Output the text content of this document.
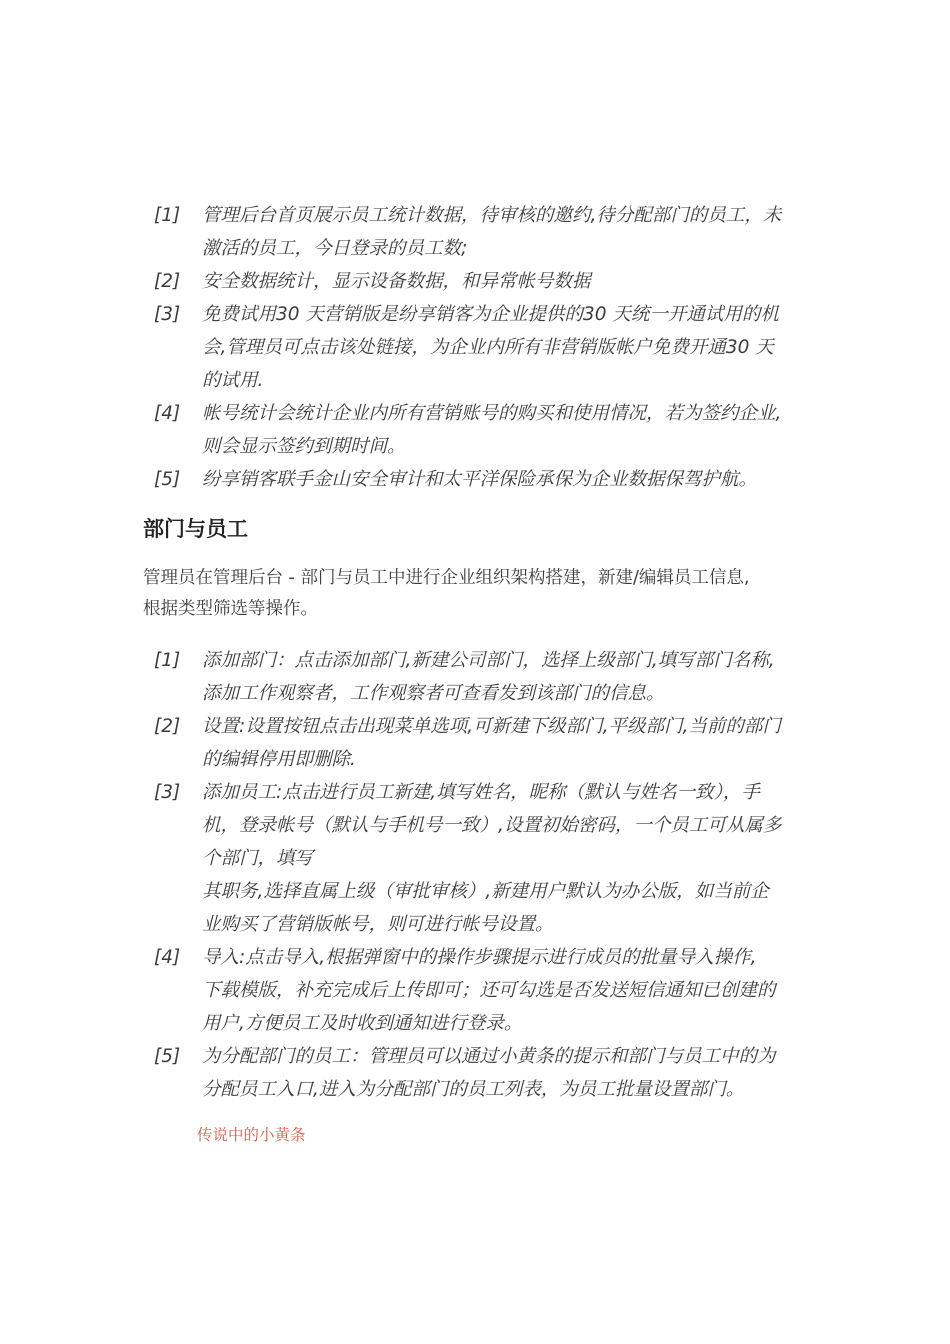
[1] 管理后台首页展示员工统计数据，待审核的邀约,待分配部门的员工，未
激活的员工，今日登录的员工数;
[2] 安全数据统计，显示设备数据，和异常帐号数据
[3] 免费试用30 天营销版是纷享销客为企业提供的30 天统一开通试用的机
会,管理员可点击该处链接，为企业内所有非营销版帐户免费开通30 天
的试用.
[4] 帐号统计会统计企业内所有营销账号的购买和使用情况，若为签约企业,
则会显示签约到期时间。
[5] 纷享销客联手金山安全审计和太平洋保险承保为企业数据保驾护航。
部门与员工

管理员在管理后台 - 部门与员工中进行企业组织架构搭建，新建/编辑员工信息,
根据类型筛选等操作。

[1] 添加部门：点击添加部门,新建公司部门，选择上级部门,填写部门名称,
添加工作观察者，工作观察者可查看发到该部门的信息。
[2] 设置:设置按钮点击出现菜单选项,可新建下级部门,平级部门,当前的部门
的编辑停用即删除.
[3] 添加员工:点击进行员工新建,填写姓名，昵称（默认与姓名一致），手
机，登录帐号（默认与手机号一致）,设置初始密码，一个员工可从属多
个部门，填写
其职务,选择直属上级（审批审核）,新建用户默认为办公版，如当前企
业购买了营销版帐号，则可进行帐号设置。
[4] 导入:点击导入,根据弹窗中的操作步骤提示进行成员的批量导入操作,
下载模版，补充完成后上传即可；还可勾选是否发送短信通知已创建的
用户,方便员工及时收到通知进行登录。
[5] 为分配部门的员工：管理员可以通过小黄条的提示和部门与员工中的为
分配员工入口,进入为分配部门的员工列表，为员工批量设置部门。

传说中的小黄条
